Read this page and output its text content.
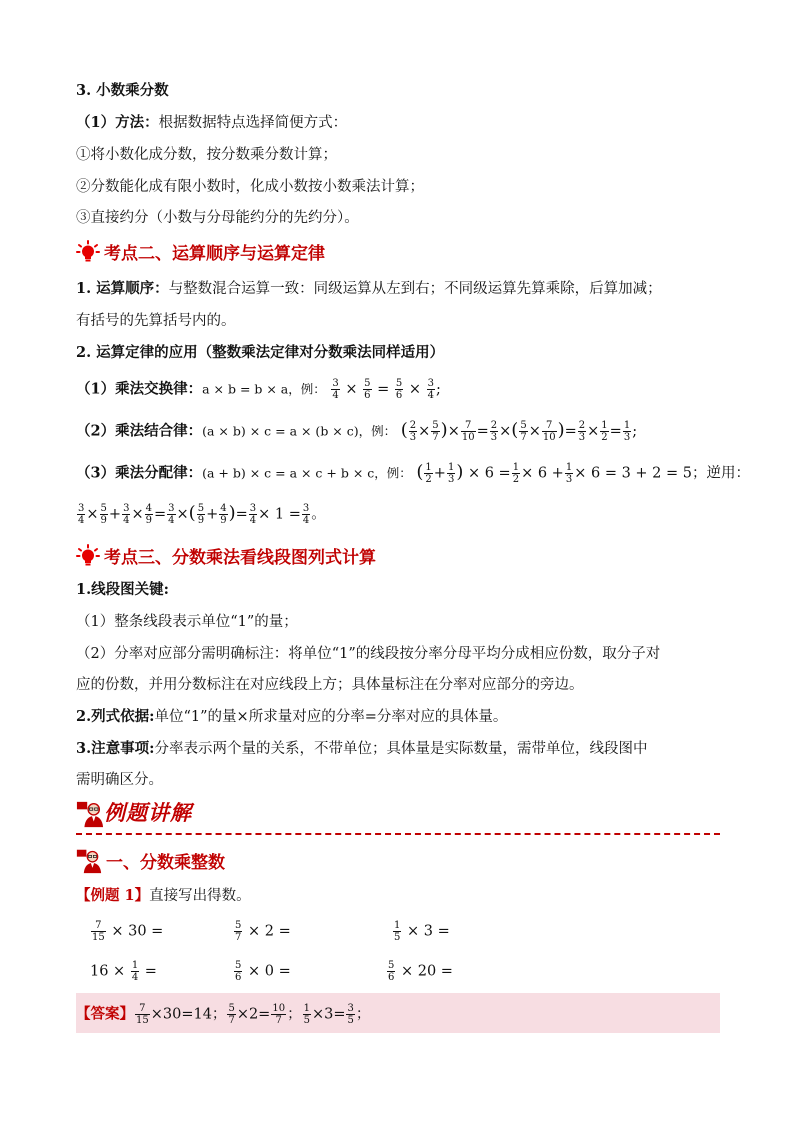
3. 小数乘分数
（1）方法：根据数据特点选择简便方式：
①将小数化成分数，按分数乘分数计算；
②分数能化成有限小数时，化成小数按小数乘法计算；
③直接约分（小数与分母能约分的先约分）。
考点二、运算顺序与运算定律
1. 运算顺序：与整数混合运算一致：同级运算从左到右；不同级运算先算乘除，后算加减；
有括号的先算括号内的。
2. 运算定律的应用（整数乘法定律对分数乘法同样适用）
（1）乘法交换律：a × b = b × a，例： $\frac{3}{4} \times \frac{5}{6} = \frac{5}{6} \times \frac{3}{4}$ ;
（2）乘法结合律：(a × b) × c = a × (b × c)，例： ( $\frac{2}{3} \times \frac{5}{7}$ )× $\frac{7}{10} = \frac{2}{3}$ ×( $\frac{5}{7} \times \frac{7}{10}$ )= $\frac{2}{3} \times \frac{1}{2} = \frac{1}{3}$ ;
（3）乘法分配律：(a + b) × c = a × c + b × c，例： ( $\frac{1}{2} + \frac{1}{3}$ ) × $6 = \frac{1}{2} \times 6 + \frac{1}{3} \times 6 = 3 + 2 = 5$；逆用：
$\frac{3}{4} \times \frac{5}{9} + \frac{3}{4} \times \frac{4}{9} = \frac{3}{4}$ ×( $\frac{5}{9} + \frac{4}{9}$ )= $\frac{3}{4} \times 1 = \frac{3}{4}$ 。
考点三、分数乘法看线段图列式计算
1.线段图关键:
（1）整条线段表示单位“1”的量；
（2）分率对应部分需明确标注：将单位“1”的线段按分率分母平均分成相应份数，取分子对
应的份数，并用分数标注在对应线段上方；具体量标注在分率对应部分的旁边。
2.列式依据:单位“1”的量×所求量对应的分率=分率对应的具体量。
3.注意事项:分率表示两个量的关系，不带单位；具体量是实际数量，需带单位，线段图中
需明确区分。
例题讲解
一、分数乘整数
【例题 1】直接写出得数。
$\frac{7}{15} \times 30$ =	$\frac{5}{7} \times 2$ =	$\frac{1}{5} \times 3$ =
$16 \times \frac{1}{4}$ =	$\frac{5}{6} \times 0$ =	$\frac{5}{6} \times 20$ =
【答案】 $\frac{7}{15} \times 30=14$； $\frac{5}{7} \times 2= \frac{10}{7}$ ； $\frac{1}{5} \times 3= \frac{3}{5}$ ；
